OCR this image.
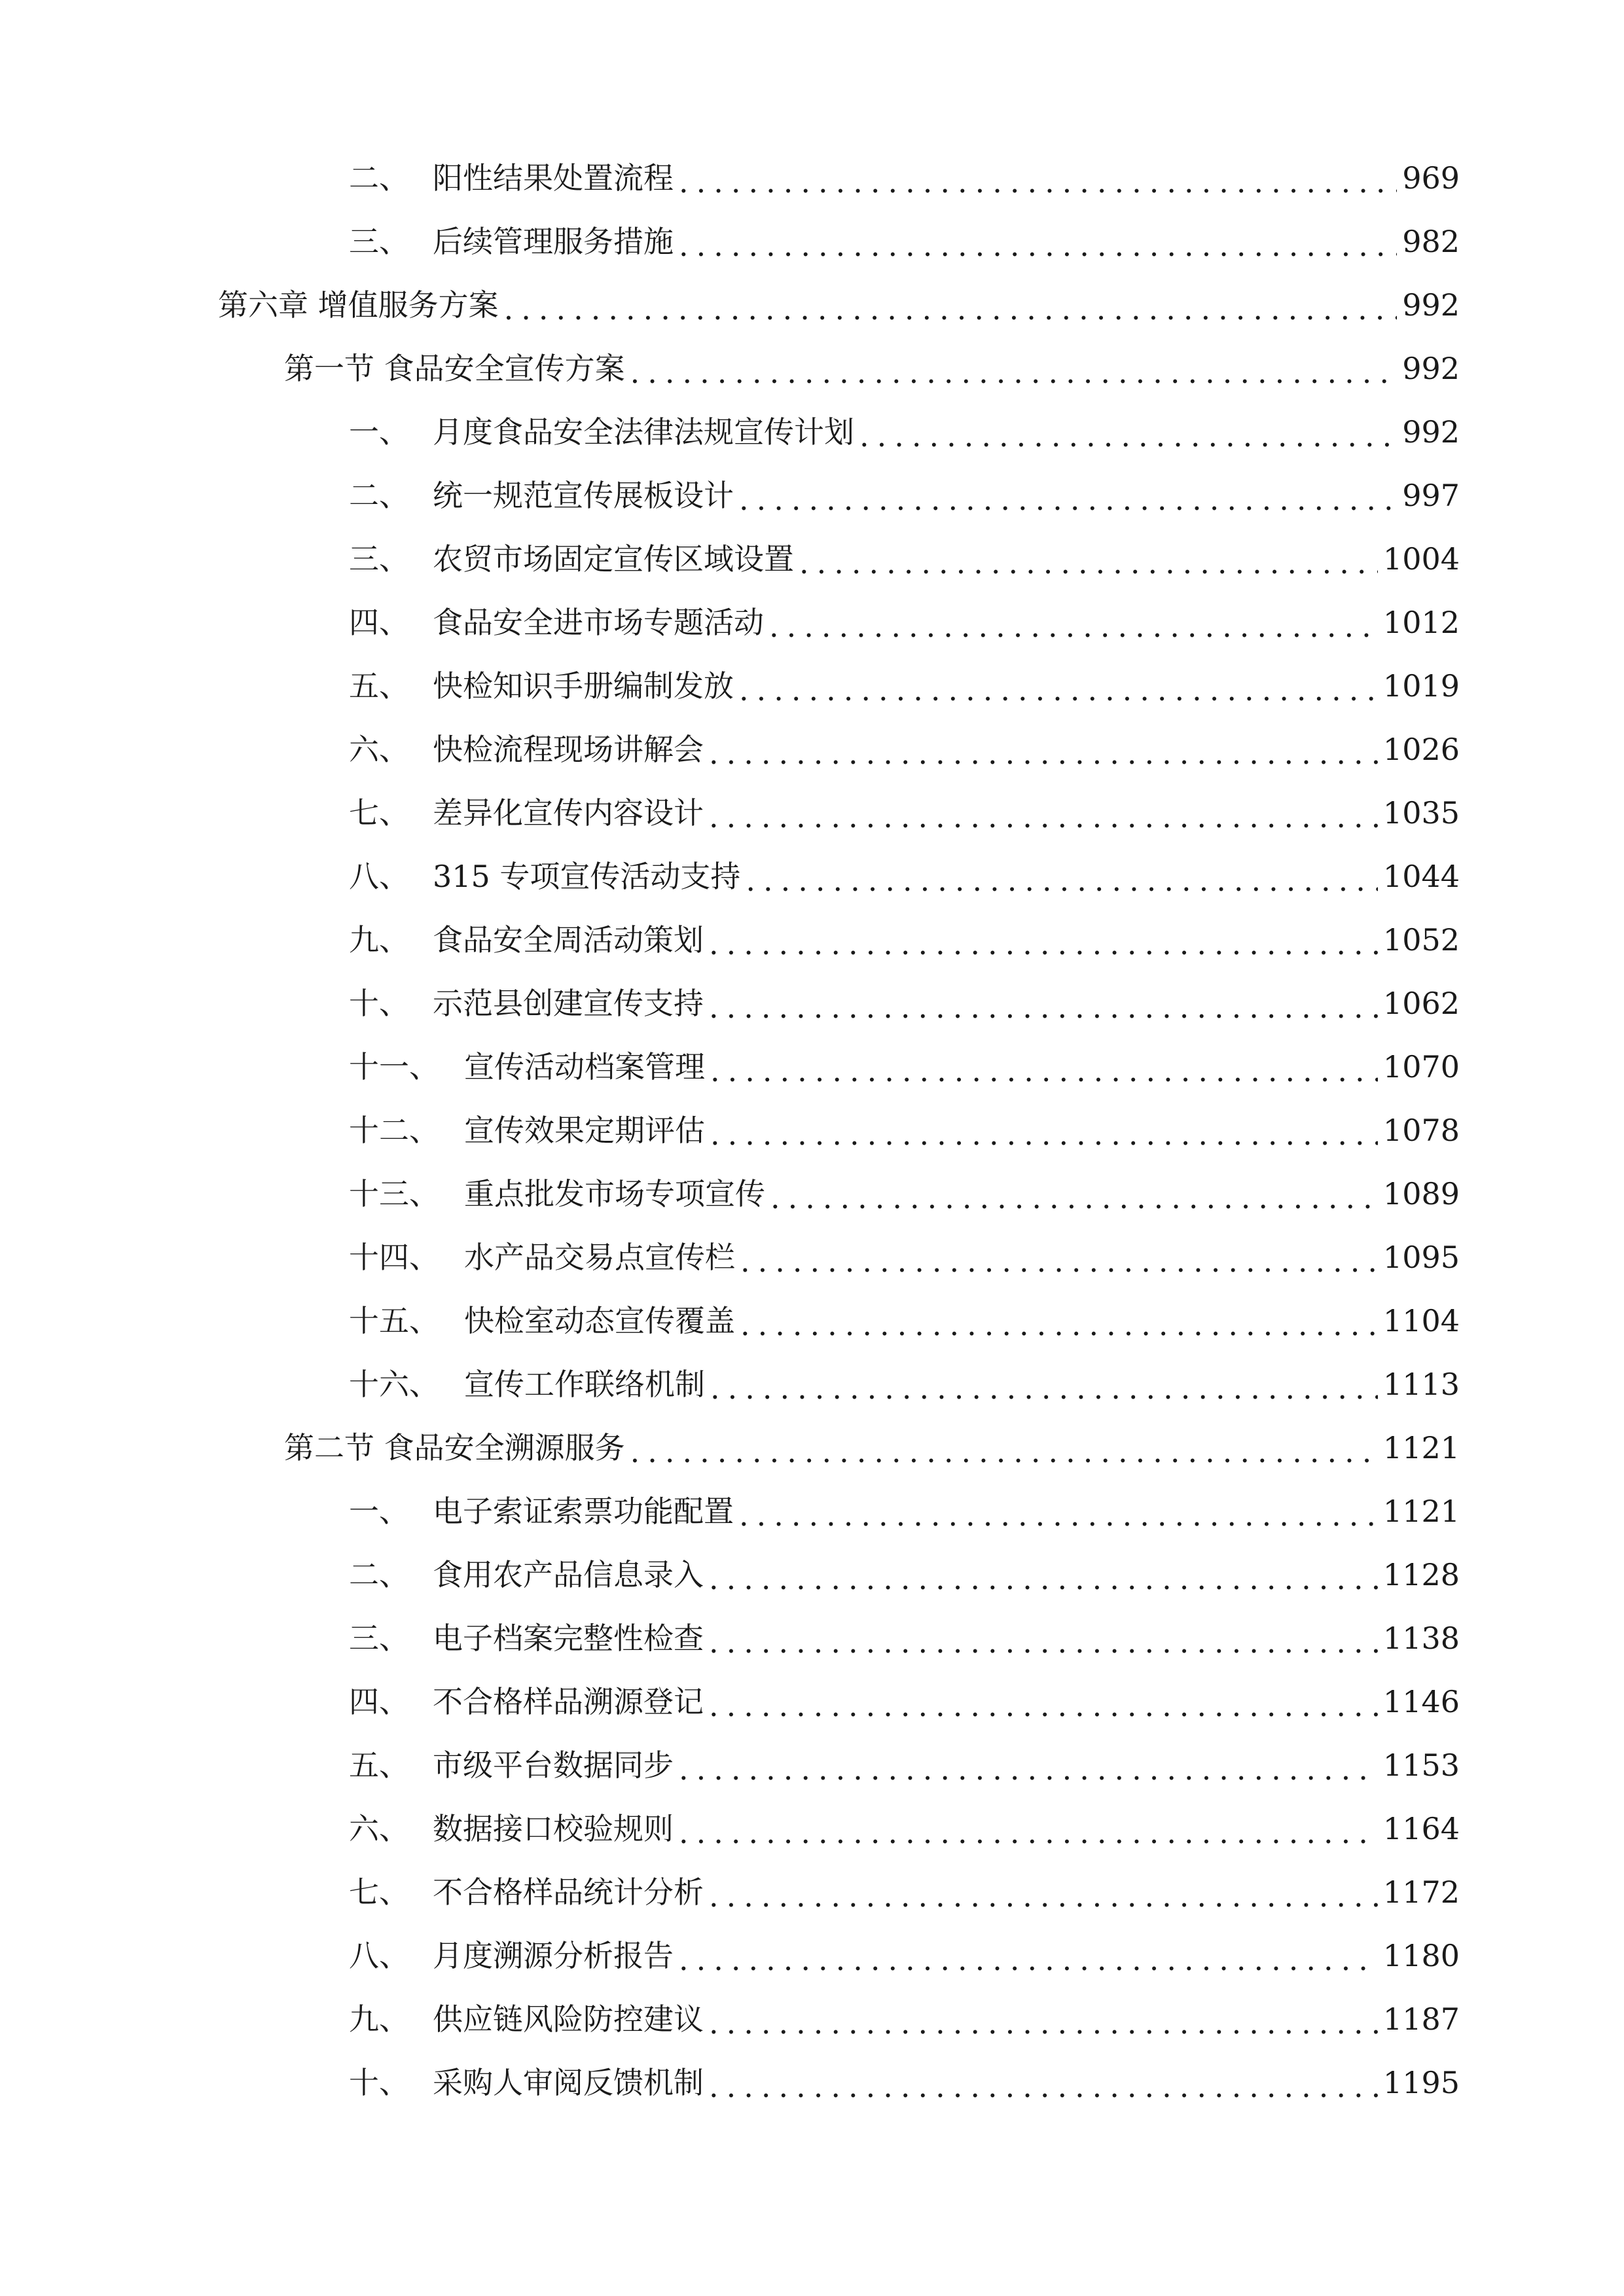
二、 阳性结果处置流程 .....	969
三、 后续管理服务措施 .....	982
第六章 增值服务方案 .....	992
第一节 食品安全宣传方案 .....	992
一、 月度食品安全法律法规宣传计划 .....	992
二、 统一规范宣传展板设计 .....	997
三、 农贸市场固定宣传区域设置 .....	1004
四、 食品安全进市场专题活动 .....	1012
五、 快检知识手册编制发放 .....	1019
六、 快检流程现场讲解会 .....	1026
七、 差异化宣传内容设计 .....	1035
八、 315 专项宣传活动支持 .....	1044
九、 食品安全周活动策划 .....	1052
十、 示范县创建宣传支持 .....	1062
十一、 宣传活动档案管理 .....	1070
十二、 宣传效果定期评估 .....	1078
十三、 重点批发市场专项宣传 .....	1089
十四、 水产品交易点宣传栏 .....	1095
十五、 快检室动态宣传覆盖 .....	1104
十六、 宣传工作联络机制 .....	1113
第二节 食品安全溯源服务 .....	1121
一、 电子索证索票功能配置 .....	1121
二、 食用农产品信息录入 .....	1128
三、 电子档案完整性检查 .....	1138
四、 不合格样品溯源登记 .....	1146
五、 市级平台数据同步 .....	1153
六、 数据接口校验规则 .....	1164
七、 不合格样品统计分析 .....	1172
八、 月度溯源分析报告 .....	1180
九、 供应链风险防控建议 .....	1187
十、 采购人审阅反馈机制 .....	1195
